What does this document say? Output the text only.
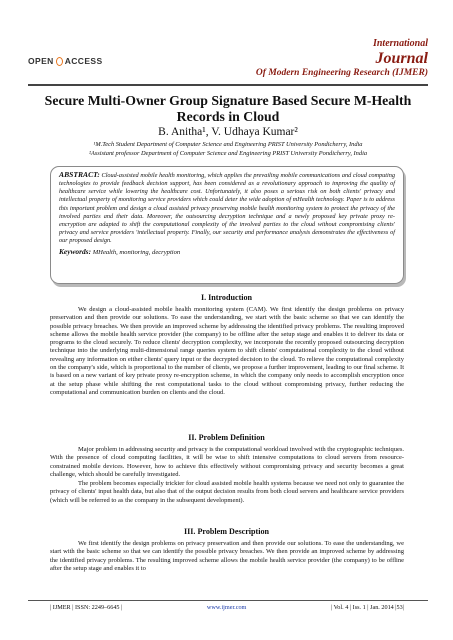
OPEN ACCESS
International
Journal
Of Modern Engineering Research (IJMER)
Secure Multi-Owner Group Signature Based Secure M-Health Records in Cloud
B. Anitha¹, V. Udhaya Kumar²
¹M.Tech Student Department of Computer Science and Engineering PRIST University Pondicherry, India
²Assistant professor Department of Computer Science and Engineering PRIST University Pondicherry, India
ABSTRACT: Cloud-assisted mobile health monitoring, which applies the prevailing mobile communications and cloud computing technologies to provide feedback decision support, has been considered as a revolutionary approach to improving the quality of healthcare service while lowering the healthcare cost. Unfortunately, it also poses a serious risk on both clients' privacy and intellectual property of monitoring service providers which could deter the wide adoption of mHealth technology. Paper is to address this important problem and design a cloud assisted privacy preserving mobile health monitoring system to protect the privacy of the involved parties and their data. Moreover, the outsourcing decryption technique and a newly proposed key private proxy re-encryption are adapted to shift the computational complexity of the involved parties to the cloud without compromising clients' privacy and service providers 'intellectual property. Finally, our security and performance analysis demonstrates the effectiveness of our proposed design.
Keywords: MHealth, monitoring, decryption
I. Introduction

We design a cloud-assisted mobile health monitoring system (CAM). We first identify the design problems on privacy preservation and then provide our solutions. To ease the understanding, we start with the basic scheme so that we can identify the possible privacy breaches. We then provide an improved scheme by addressing the identified privacy problems. The resulting improved scheme allows the mobile health service provider (the company) to be offline after the setup stage and enables it to deliver its data or programs to the cloud securely. To reduce clients' decryption complexity, we incorporate the recently proposed outsourcing decryption technique into the underlying multi-dimensional range queries system to shift clients' computational complexity to the cloud without revealing any information on either clients' query input or the decrypted decision to the cloud. To relieve the computational complexity on the company's side, which is proportional to the number of clients, we propose a further improvement, leading to our final scheme. It is based on a new variant of key private proxy re-encryption scheme, in which the company only needs to accomplish encryption once at the setup phase while shifting the rest computational tasks to the cloud without compromising privacy, further reducing the computational and communication burden on clients and the cloud.

II. Problem Definition

Major problem in addressing security and privacy is the computational workload involved with the cryptographic techniques. With the presence of cloud computing facilities, it will be wise to shift intensive computations to cloud servers from resource-constrained mobile devices. However, how to achieve this effectively without compromising privacy and security becomes a great challenge, which should be carefully investigated.

The problem becomes especially trickier for cloud assisted mobile health systems because we need not only to guarantee the privacy of clients' input health data, but also that of the output decision results from both cloud servers and healthcare service providers (which will be referred to as the company in the subsequent development).

III. Problem Description

We first identify the design problems on privacy preservation and then provide our solutions. To ease the understanding, we start with the basic scheme so that we can identify the possible privacy breaches. We then provide an improved scheme by addressing the identified privacy problems. The resulting improved scheme allows the mobile health service provider (the company) to be offline after the setup stage and enables it to

| IJMER | ISSN: 2249–6645 |	www.ijmer.com	| Vol. 4 | Iss. 1 | Jan. 2014 |53|
